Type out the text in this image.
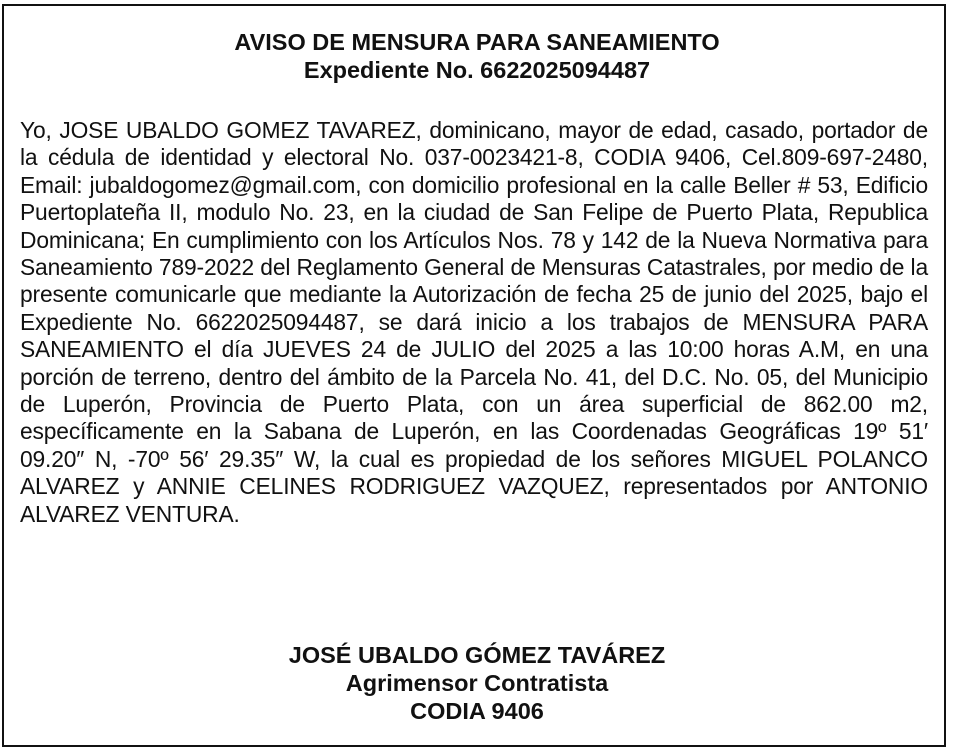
AVISO DE MENSURA PARA SANEAMIENTO
Expediente No. 6622025094487

Yo, JOSE UBALDO GOMEZ TAVAREZ, dominicano, mayor de edad, casado, portador de la cédula de identidad y electoral No. 037-0023421-8, CODIA 9406, Cel.809-697-2480, Email: jubaldogomez@gmail.com, con domicilio profesional en la calle Beller # 53, Edificio Puertoplateña II, modulo No. 23, en la ciudad de San Felipe de Puerto Plata, Republica Dominicana; En cumplimiento con los Artículos Nos. 78 y 142 de la Nueva Normativa para Saneamiento 789-2022 del Reglamento General de Mensuras Catastrales, por medio de la presente comunicarle que mediante la Autorización de fecha 25 de junio del 2025, bajo el Expediente No. 6622025094487, se dará inicio a los trabajos de MENSURA PARA SANEAMIENTO el día JUEVES 24 de JULIO del 2025 a las 10:00 horas A.M, en una porción de terreno, dentro del ámbito de la Parcela No. 41, del D.C. No. 05, del Municipio de Luperón, Provincia de Puerto Plata, con un área superficial de 862.00 m2, específicamente en la Sabana de Luperón, en las Coordenadas Geográficas 19º 51′ 09.20″ N, -70º 56′ 29.35″ W, la cual es propiedad de los señores MIGUEL POLANCO ALVAREZ y ANNIE CELINES RODRIGUEZ VAZQUEZ, representados por ANTONIO ALVAREZ VENTURA.

JOSÉ UBALDO GÓMEZ TAVÁREZ
Agrimensor Contratista
CODIA 9406
